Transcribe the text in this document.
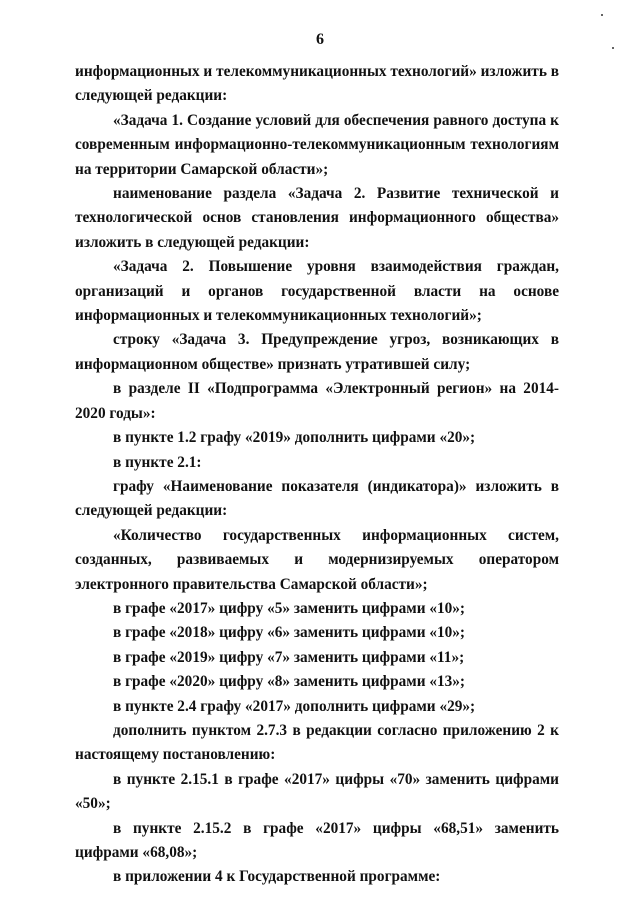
6

информационных и телекоммуникационных технологий» изложить в следующей редакции:

«Задача 1. Создание условий для обеспечения равного доступа к современным информационно-телекоммуникационным технологиям на территории Самарской области»;

наименование раздела «Задача 2. Развитие технической и технологической основ становления информационного общества» изложить в следующей редакции:

«Задача 2. Повышение уровня взаимодействия граждан, организаций и органов государственной власти на основе информационных и телекоммуникационных технологий»;

строку «Задача 3. Предупреждение угроз, возникающих в информационном обществе» признать утратившей силу;

в разделе II «Подпрограмма «Электронный регион» на 2014-2020 годы»:

в пункте 1.2 графу «2019» дополнить цифрами «20»;

в пункте 2.1:

графу «Наименование показателя (индикатора)» изложить в следующей редакции:

«Количество государственных информационных систем, созданных, развиваемых и модернизируемых оператором электронного правительства Самарской области»;

в графе «2017» цифру «5» заменить цифрами «10»;

в графе «2018» цифру «6» заменить цифрами «10»;

в графе «2019» цифру «7» заменить цифрами «11»;

в графе «2020» цифру «8» заменить цифрами «13»;

в пункте 2.4 графу «2017» дополнить цифрами «29»;

дополнить пунктом 2.7.3 в редакции согласно приложению 2 к настоящему постановлению:

в пункте 2.15.1 в графе «2017» цифры «70» заменить цифрами «50»;

в пункте 2.15.2 в графе «2017» цифры «68,51» заменить цифрами «68,08»;

в приложении 4 к Государственной программе:
